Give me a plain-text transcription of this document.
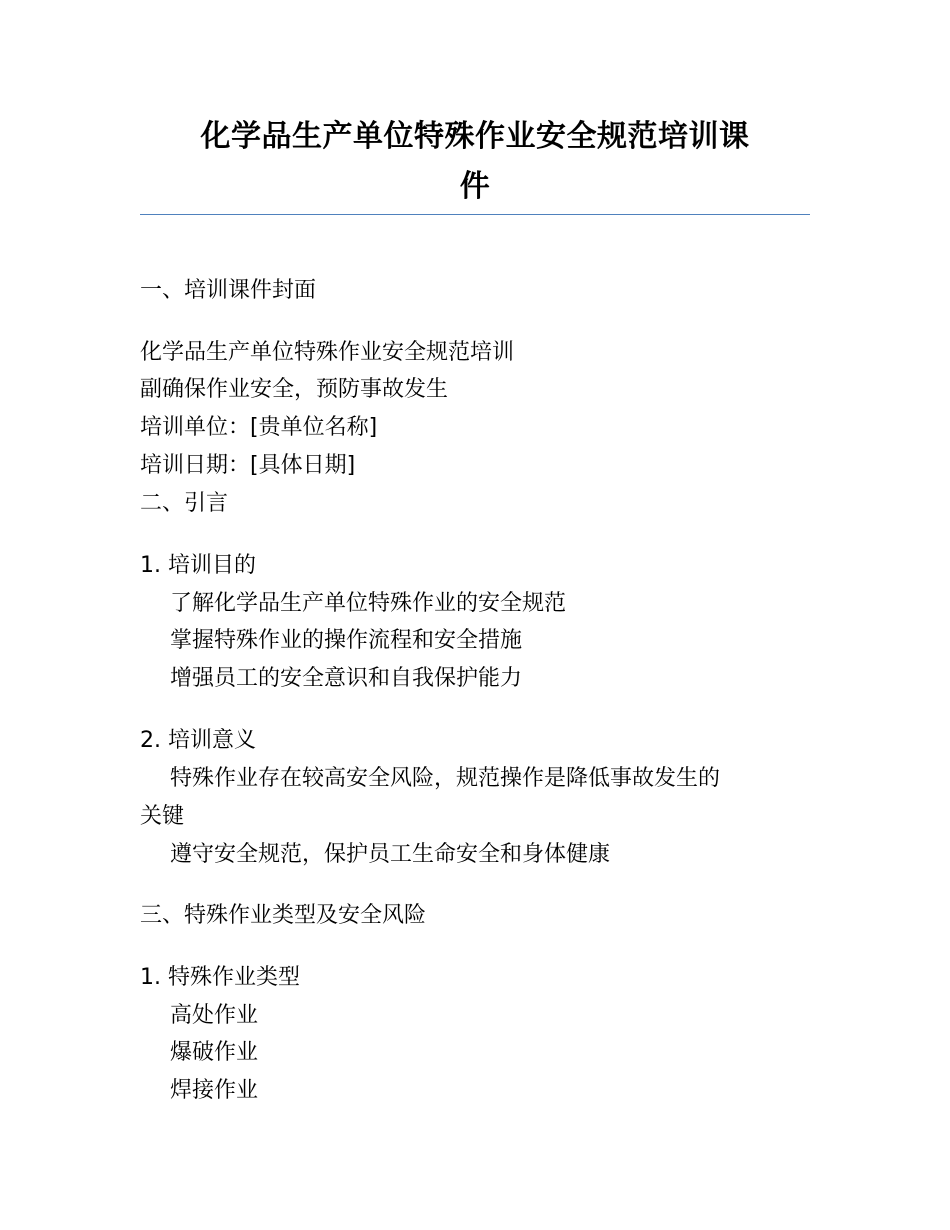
化学品生产单位特殊作业安全规范培训课
件
一、培训课件封面
化学品生产单位特殊作业安全规范培训
副确保作业安全，预防事故发生
培训单位：[贵单位名称]
培训日期：[具体日期]
二、引言
1. 培训目的
了解化学品生产单位特殊作业的安全规范
掌握特殊作业的操作流程和安全措施
增强员工的安全意识和自我保护能力
2. 培训意义
特殊作业存在较高安全风险，规范操作是降低事故发生的
关键
遵守安全规范，保护员工生命安全和身体健康
三、特殊作业类型及安全风险
1. 特殊作业类型
高处作业
爆破作业
焊接作业
